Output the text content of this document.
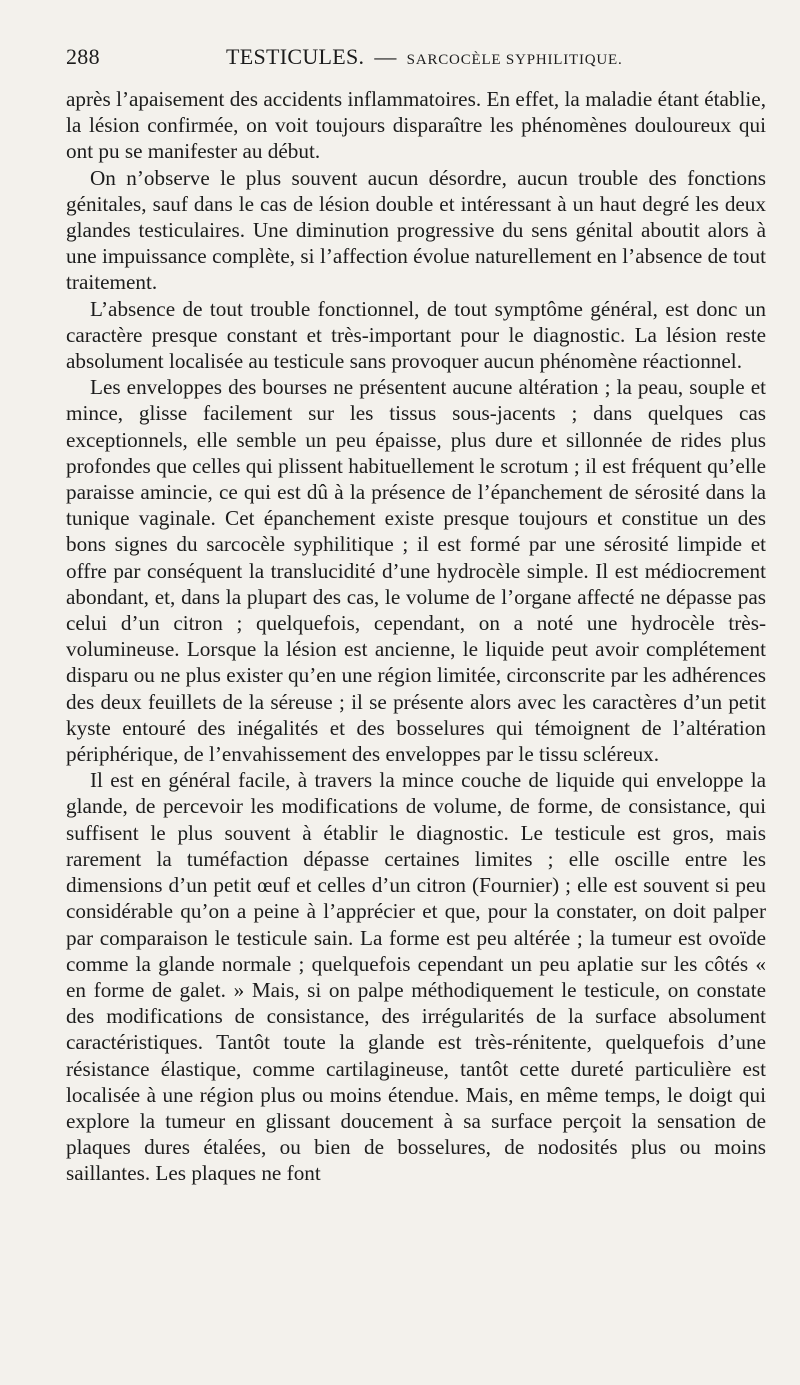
288	TESTICULES. — SARCOCÈLE SYPHILITIQUE.

après l’apaisement des accidents inflammatoires. En effet, la maladie étant établie, la lésion confirmée, on voit toujours disparaître les phénomènes douloureux qui ont pu se manifester au début.

On n’observe le plus souvent aucun désordre, aucun trouble des fonctions génitales, sauf dans le cas de lésion double et intéressant à un haut degré les deux glandes testiculaires. Une diminution progressive du sens génital aboutit alors à une impuissance complète, si l’affection évolue naturellement en l’absence de tout traitement.

L’absence de tout trouble fonctionnel, de tout symptôme général, est donc un caractère presque constant et très-important pour le diagnostic. La lésion reste absolument localisée au testicule sans provoquer aucun phénomène réactionnel.

Les enveloppes des bourses ne présentent aucune altération ; la peau, souple et mince, glisse facilement sur les tissus sous-jacents ; dans quelques cas exceptionnels, elle semble un peu épaisse, plus dure et sillonnée de rides plus profondes que celles qui plissent habituellement le scrotum ; il est fréquent qu’elle paraisse amincie, ce qui est dû à la présence de l’épanchement de sérosité dans la tunique vaginale. Cet épanchement existe presque toujours et constitue un des bons signes du sarcocèle syphilitique ; il est formé par une sérosité limpide et offre par conséquent la translucidité d’une hydrocèle simple. Il est médiocrement abondant, et, dans la plupart des cas, le volume de l’organe affecté ne dépasse pas celui d’un citron ; quelquefois, cependant, on a noté une hydrocèle très-volumineuse. Lorsque la lésion est ancienne, le liquide peut avoir complétement disparu ou ne plus exister qu’en une région limitée, circonscrite par les adhérences des deux feuillets de la séreuse ; il se présente alors avec les caractères d’un petit kyste entouré des inégalités et des bosselures qui témoignent de l’altération périphérique, de l’envahissement des enveloppes par le tissu scléreux.

Il est en général facile, à travers la mince couche de liquide qui enveloppe la glande, de percevoir les modifications de volume, de forme, de consistance, qui suffisent le plus souvent à établir le diagnostic. Le testicule est gros, mais rarement la tuméfaction dépasse certaines limites ; elle oscille entre les dimensions d’un petit œuf et celles d’un citron (Fournier) ; elle est souvent si peu considérable qu’on a peine à l’apprécier et que, pour la constater, on doit palper par comparaison le testicule sain. La forme est peu altérée ; la tumeur est ovoïde comme la glande normale ; quelquefois cependant un peu aplatie sur les côtés « en forme de galet. » Mais, si on palpe méthodiquement le testicule, on constate des modifications de consistance, des irrégularités de la surface absolument caractéristiques. Tantôt toute la glande est très-rénitente, quelquefois d’une résistance élastique, comme cartilagineuse, tantôt cette dureté particulière est localisée à une région plus ou moins étendue. Mais, en même temps, le doigt qui explore la tumeur en glissant doucement à sa surface perçoit la sensation de plaques dures étalées, ou bien de bosselures, de nodosités plus ou moins saillantes. Les plaques ne font
